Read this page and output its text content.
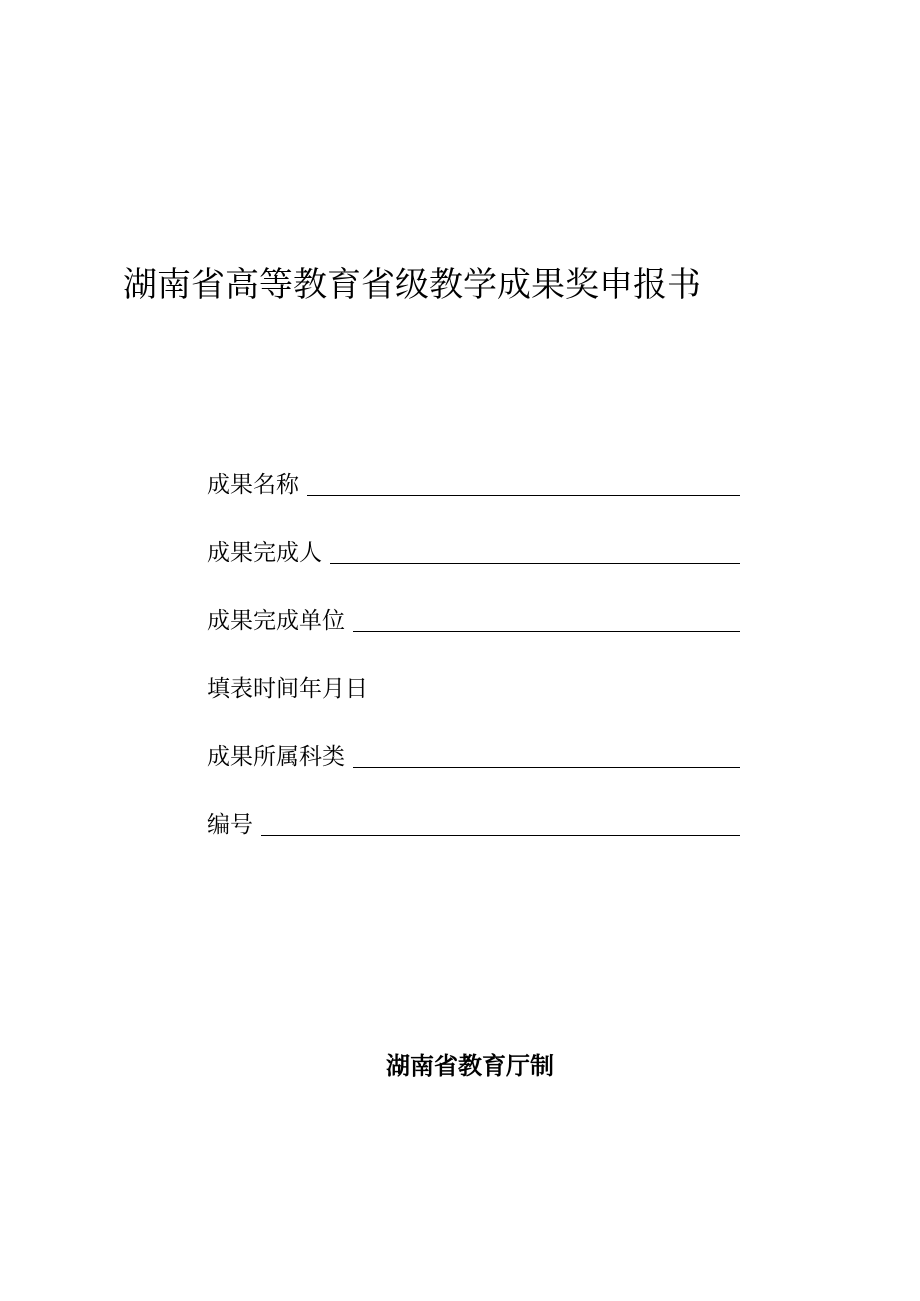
湖南省高等教育省级教学成果奖申报书
成果名称
成果完成人
成果完成单位
填表时间年月日
成果所属科类
编号
湖南省教育厅制
